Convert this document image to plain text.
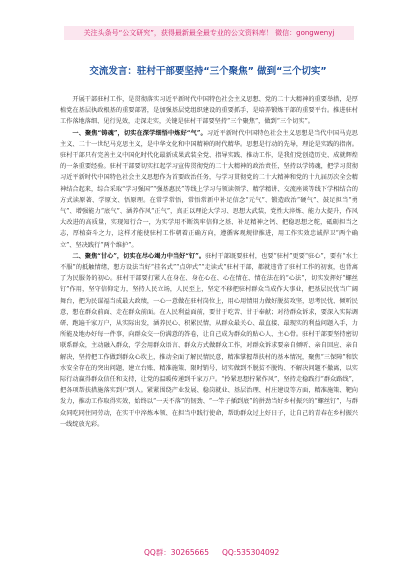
关注头条号“公文研究”，获得最新最全最专业的公文资料库！ 微信：gongwenyj
交流发言：驻村干部要坚持“三个聚焦” 做到“三个切实”

开展干部驻村工作，是贯彻落实习近平新时代中国特色社会主义思想、党的二十大精神的重要举措，是厚植党在基层执政根基的重要部署，是加强基层党组织建设的重要抓手，是培养锻炼干部的重要平台。推进驻村工作落地落细、见行见效，走深走实，关键是驻村干部要坚持“三个聚焦”，做到“三个切实”。

一、聚焦“铸魂”，切实在深学细悟中炼好“气”。习近平新时代中国特色社会主义思想是当代中国马克思主义、二十一世纪马克思主义，是中华文化和中国精神的时代精华。思想是行动的先导，理论是实践的指南。驻村干部只有完善主义中国化时代化最新成果武装全党、指导实践、推动工作，是我们党创造历史、成就辉煌的一条重要经验。驻村干部要切实扛起学习宣传贯彻党的二十大精神的政治责任，坚持以学铸魂，把学习贯彻习近平新时代中国特色社会主义思想作为首要政治任务，与学习贯彻党的二十大精神和党的十九届历次全会精神结合起来，综合采取“学习强国”“强基惠民”等线上学习与领读领学、精学精讲、交流座谈等线下学相结合的方式读原著、学原文、悟原理。在常学常悟，常悟常新中补足信念“元气”、锻造政治“硬气”、鼓足担当“勇气”、增强能力“底气”、涵养作风“正气”，真正以理论大学习、思想大武装，党性大淬炼、能力大提升，作风大改进的高质量，实现知行合一，为实学用不断筑牢信仰之基、补足精神之钙、把稳思想之舵，砥砺担当之志，厚植奋斗之力，这样才能使驻村工作朝着正确方向，遵循客观规律推进，用工作实效忠诚捍卫“两个确立”、坚决践行“两个维护”。

二、聚焦“甘心”，切实在尽心竭力中当好“钉”。驻村干部既要驻村，也要“驻村”更要“驻心”，要有“水土不服”的抵触情绪，想方设法当好“挂名式”“点卯式”“走读式”驻村干部，都就违背了驻村工作的初衷，也背离了为民服务的初心。驻村干部要打紧人在身在、身在心在、心在情在、情在法在的“心法”，切实发挥好“螺丝钉”作用，坚守信仰定力，坚持人民立场，人民至上，坚定不移把驻村群众当成作大事业，把基层民忧当广阔舞台，把为民谋福当成最大政绩，一心一意做在驻村岗位上，用心用情用力做好脱贫攻坚，思考民忧、倾听民意，想在群众前面、走在群众前面。在人民利益面前，要甘于吃苦、甘于奉献；对待群众诉求，要深入实际调研、跑遍千家万户，从实际出发，涵养民心、积累民情，从群众最关心、最直接、最现实的利益问题入手，力所能及地办好每一件事，向群众交一份满意的答卷，让自己成为群众的贴心人、主心骨。驻村干部要坚持密切联系群众，主动融入群众，学会用群众语言、群众方式做群众工作，对群众诉求要亲自倾听、亲自回应、亲自解决，坚持把工作做到群众心坎上，推动全面了解民情民意，精准掌握帮扶村的基本情况，聚焦“三保障”和饮水安全存在的突出问题，建立台账、精准施策、限时销号，切实做到不脱贫不脱钩、不解决问题不撤离，以实际行动赢得群众信任和支持，让党的温暖传递到千家万户。“拎紧思想拧紧作风”，坚持走稳践行“群众路线”，把各项帮扶措施落实到户到人。紧紧围绕产业发展、稳岗就业、基层治理、村庄建设等方面，精准施策、靶向发力，推动工作取得实效，始终以“一天不落”的韧劲、“一竿子插到底”的拼劲当好乡村振兴的“螺丝钉”，与群众同吃同住同劳动，在实干中淬炼本领、在担当中践行使命，帮助群众过上好日子，让自己的青春在乡村振兴一线绽放光彩。

QQ群：30265665 QQ:535304092
